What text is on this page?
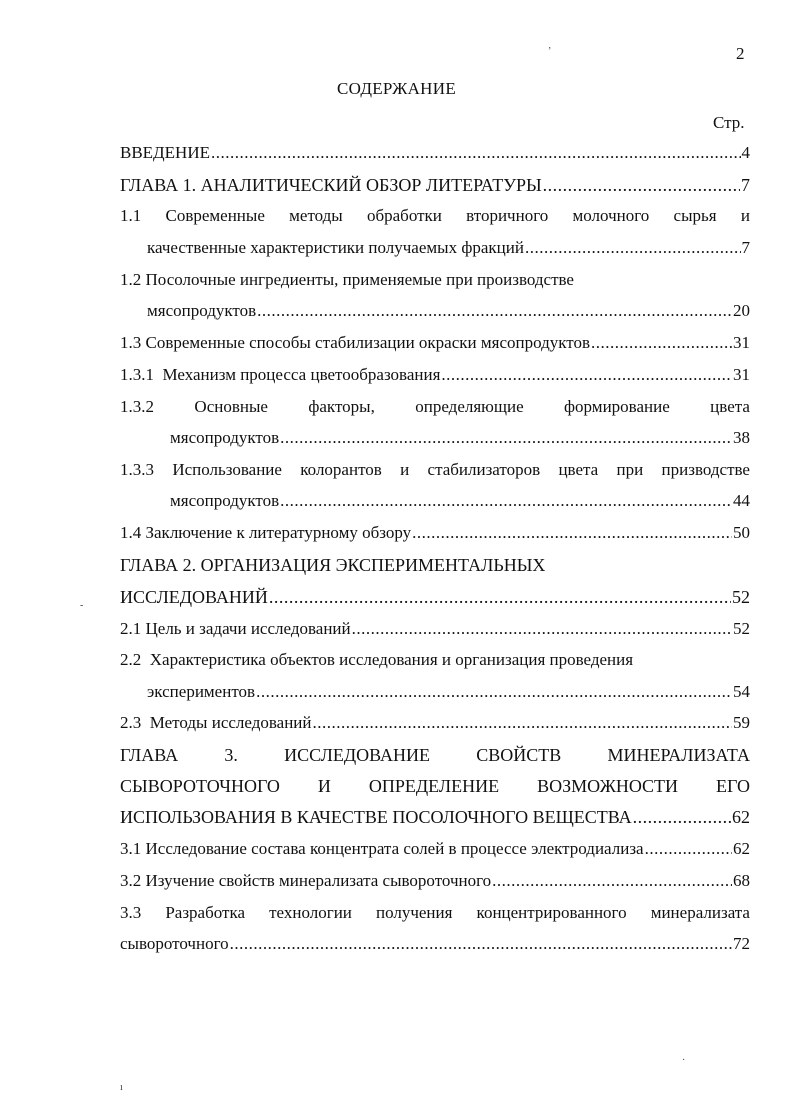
ʼ
-
·
ı
2
СОДЕРЖАНИЕ
Стр.
ВВЕДЕНИЕ .....	4
ГЛАВА 1. АНАЛИТИЧЕСКИЙ ОБЗОР ЛИТЕРАТУРЫ .....	7
1.1 Современные методы обработки вторичного молочного сырья и
качественные характеристики получаемых фракций .....	7
1.2 Посолочные ингредиенты, применяемые при производстве
мясопродуктов .....	20
1.3 Современные способы стабилизации окраски мясопродуктов .....	31
1.3.1  Механизм процесса цветообразования .....	31
1.3.2 Основные факторы, определяющие формирование цвета
мясопродуктов .....	38
1.3.3 Использование колорантов и стабилизаторов цвета при призводстве
мясопродуктов .....	44
1.4 Заключение к литературному обзору .....	50
ГЛАВА 2. ОРГАНИЗАЦИЯ ЭКСПЕРИМЕНТАЛЬНЫХ
ИССЛЕДОВАНИЙ .....	52
2.1 Цель и задачи исследований .....	52
2.2  Характеристика объектов исследования и организация проведения
экспериментов .....	54
2.3  Методы исследований .....	59
ГЛАВА	3.	ИССЛЕДОВАНИЕ	СВОЙСТВ	МИНЕРАЛИЗАТА
СЫВОРОТОЧНОГО И ОПРЕДЕЛЕНИЕ ВОЗМОЖНОСТИ ЕГО
ИСПОЛЬЗОВАНИЯ В КАЧЕСТВЕ ПОСОЛОЧНОГО ВЕЩЕСТВА .....	62
3.1 Исследование состава концентрата солей в процессе электродиализа .....	62
3.2 Изучение свойств минерализата сывороточного .....	68
3.3 Разработка технологии получения концентрированного минерализата
сывороточного .....	72
